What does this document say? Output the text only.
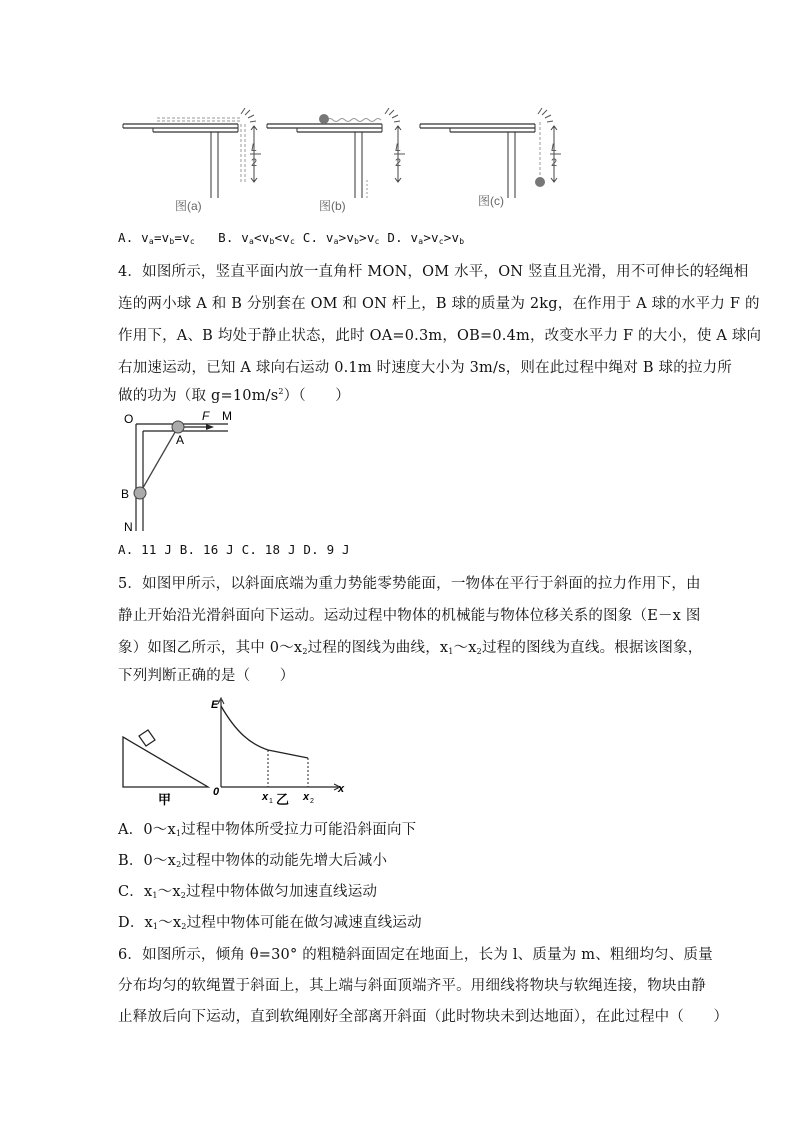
L
2
图(a)
L
2
图(b)
L
2
图(c)
A. $v_a=v_b=v_c$ B. $v_a<v_b<v_c$ C. $v_a>v_b>v_c$ D. $v_a>v_c>v_b$
4．如图所示，竖直平面内放一直角杆 MON，OM 水平，ON 竖直且光滑，用不可伸长的轻绳相
连的两小球 A 和 B 分别套在 OM 和 ON 杆上，B 球的质量为 2kg，在作用于 A 球的水平力 F 的
作用下，A、B 均处于静止状态，此时 OA=0.3m，OB=0.4m，改变水平力 F 的大小，使 A 球向
右加速运动，已知 A 球向右运动 0.1m 时速度大小为 3m/s，则在此过程中绳对 B 球的拉力所
做的功为（取 $g=10m/s^2$）（　　）
O	F M
A
B
N
A. 11 J B. 16 J C. 18 J D. 9 J
5．如图甲所示，以斜面底端为重力势能零势能面，一物体在平行于斜面的拉力作用下，由
静止开始沿光滑斜面向下运动。运动过程中物体的机械能与物体位移关系的图象（E－x 图
象）如图乙所示，其中 $0\sim x_2$过程的图线为曲线，$x_1\sim x_2$过程的图线为直线。根据该图象，
下列判断正确的是（　　）
甲
E
0	x
x 1 乙 x 2
A．$0\sim x_1$过程中物体所受拉力可能沿斜面向下
B．$0\sim x_2$过程中物体的动能先增大后减小
C．$x_1\sim x_2$过程中物体做匀加速直线运动
D．$x_1\sim x_2$过程中物体可能在做匀减速直线运动
6．如图所示，倾角 θ=30° 的粗糙斜面固定在地面上，长为 l、质量为 m、粗细均匀、质量
分布均匀的软绳置于斜面上，其上端与斜面顶端齐平。用细线将物块与软绳连接，物块由静
止释放后向下运动，直到软绳刚好全部离开斜面（此时物块未到达地面），在此过程中（　　）
